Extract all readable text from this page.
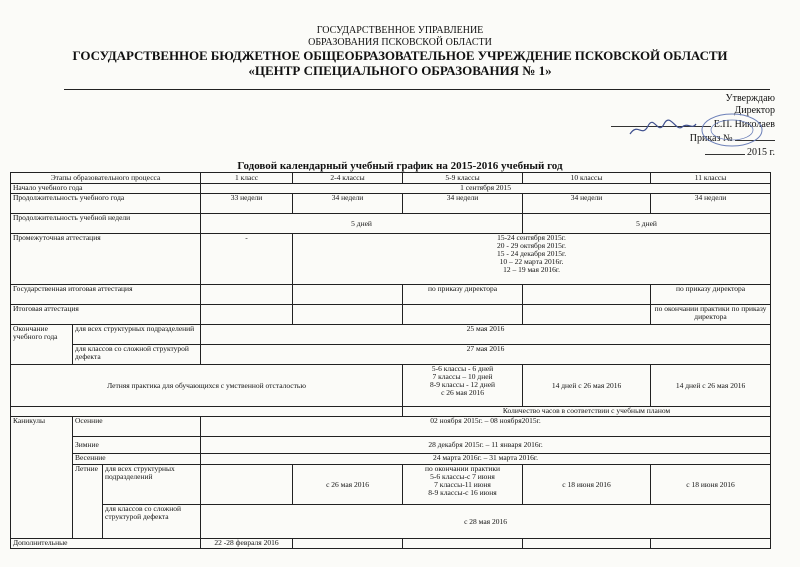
ГОСУДАРСТВЕННОЕ УПРАВЛЕНИЕ
ОБРАЗОВАНИЯ ПСКОВСКОЙ ОБЛАСТИ
ГОСУДАРСТВЕННОЕ БЮДЖЕТНОЕ ОБЩЕОБРАЗОВАТЕЛЬНОЕ УЧРЕЖДЕНИЕ ПСКОВСКОЙ ОБЛАСТИ
«ЦЕНТР СПЕЦИАЛЬНОГО ОБРАЗОВАНИЯ № 1»
Утверждаю
Директор
Е.П. Николаев
Приказ №
2015 г.
Годовой календарный учебный график на 2015-2016 учебный год
Этапы образовательного процесса			1 класс	2-4 классы	5-9 классы	10 классы	11 классы
Начало учебного года			1 сентября 2015				
Продолжительность учебного года			33 недели	34 недели	34 недели	34 недели	34 недели
Продолжительность учебной недели			5 дней			5 дней	
Промежуточная аттестация			-	15-24 сентября 2015г.
20 - 29 октября 2015г.
15 - 24 декабря 2015г.
10 – 22 марта 2016г.
12 – 19 мая 2016г.			

Государственная итоговая аттестация					по приказу директора		по приказу директора
Итоговая аттестация							по окончании практики по приказу директора
Окончание учебного года	для всех структурных подразделений		25 мая 2016				
	для классов со сложной структурой дефекта		27 мая 2016				
Летняя практика для обучающихся с умственной отсталостью					5-6 классы - 6 дней
7 классы – 10 дней
8-9 классы - 12 дней
с 26 мая 2016	14 дней с 26 мая 2016	14 дней с 26 мая 2016
					Количество часов в соответствии с учебным планом		
Каникулы	Осенние		02 ноября 2015г. – 08 ноября2015г.				
	Зимние		28 декабря 2015г. – 11 января 2016г.				
	Весенние		24 марта 2016г. – 31 марта 2016г.				
	Летние	для всех структурных подразделений		с 26 мая 2016	по окончании практики
5-6 классы-с 7 июня
7 классы-11 июня
8-9 классы-с 16 июня	с 18 июня 2016	с 18 июня 2016
		для классов со сложной структурой дефекта	с 28 мая 2016				
Дополнительные			22 -28 февраля 2016				
